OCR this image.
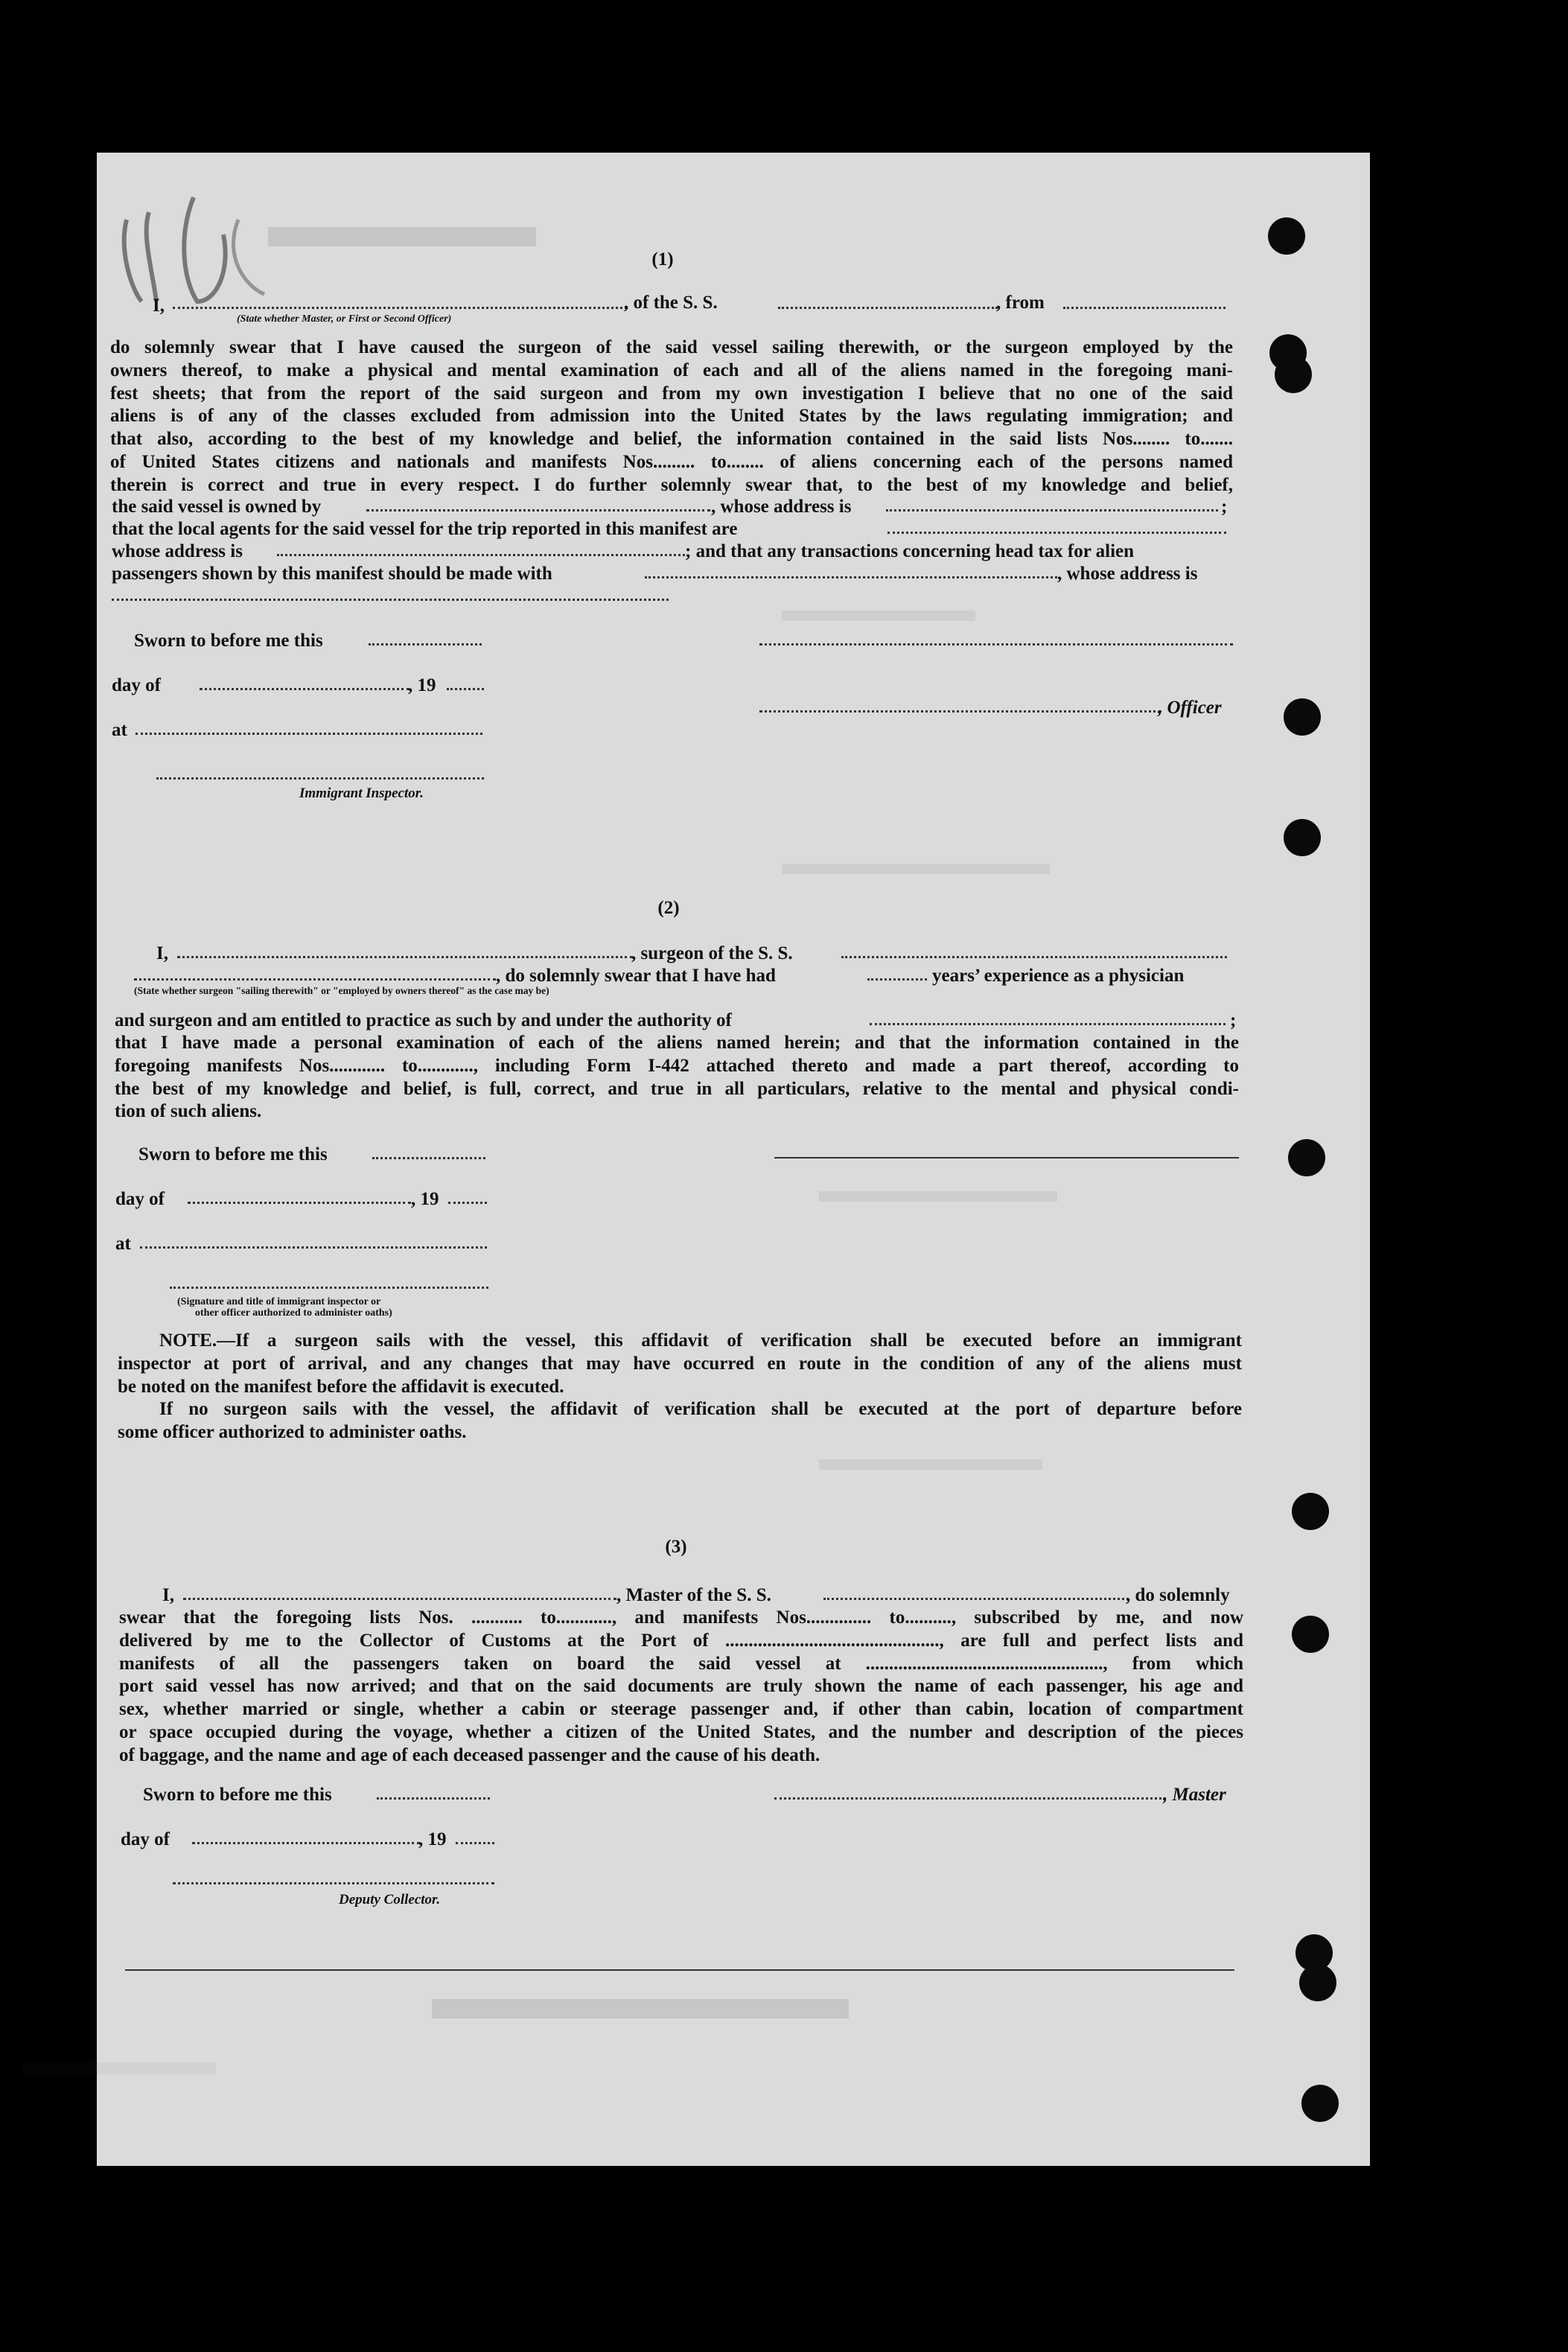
(1)
I,	, of the S. S.	, from
(State whether Master, or First or Second Officer)
do solemnly swear that I have caused the surgeon of the said vessel sailing therewith, or the surgeon employed by the
owners thereof, to make a physical and mental examination of each and all of the aliens named in the foregoing mani-
fest sheets; that from the report of the said surgeon and from my own investigation I believe that no one of the said
aliens is of any of the classes excluded from admission into the United States by the laws regulating immigration; and
that also, according to the best of my knowledge and belief, the information contained in the said lists Nos........ to.......
of United States citizens and nationals and manifests Nos......... to........ of aliens concerning each of the persons named
therein is correct and true in every respect. I do further solemnly swear that, to the best of my knowledge and belief,
the said vessel is owned by	, whose address is	;
that the local agents for the said vessel for the trip reported in this manifest are
whose address is	; and that any transactions concerning head tax for alien
passengers shown by this manifest should be made with	, whose address is
Sworn to before me this
day of	, 19
, Officer
at
Immigrant Inspector.
(2)
I,	, surgeon of the S. S.
, do solemnly swear that I have had	years’ experience as a physician
(State whether surgeon "sailing therewith" or "employed by owners thereof" as the case may be)
and surgeon and am entitled to practice as such by and under the authority of	;
that I have made a personal examination of each of the aliens named herein; and that the information contained in the
foregoing manifests Nos............ to............, including Form I-442 attached thereto and made a part thereof, according to
the best of my knowledge and belief, is full, correct, and true in all particulars, relative to the mental and physical condi-
tion of such aliens.
Sworn to before me this
day of	, 19
at
(Signature and title of immigrant inspector or
other officer authorized to administer oaths)
NOTE.—If a surgeon sails with the vessel, this affidavit of verification shall be executed before an immigrant
inspector at port of arrival, and any changes that may have occurred en route in the condition of any of the aliens must
be noted on the manifest before the affidavit is executed.
If no surgeon sails with the vessel, the affidavit of verification shall be executed at the port of departure before
some officer authorized to administer oaths.
(3)
I,	, Master of the S. S.	, do solemnly
swear that the foregoing lists Nos. ........... to............, and manifests Nos.............. to.........., subscribed by me, and now
delivered by me to the Collector of Customs at the Port of .............................................., are full and perfect lists and
manifests of all the passengers taken on board the said vessel at ..................................................., from which
port said vessel has now arrived; and that on the said documents are truly shown the name of each passenger, his age and
sex, whether married or single, whether a cabin or steerage passenger and, if other than cabin, location of compartment
or space occupied during the voyage, whether a citizen of the United States, and the number and description of the pieces
of baggage, and the name and age of each deceased passenger and the cause of his death.
Sworn to before me this	, Master
day of	, 19
Deputy Collector.
